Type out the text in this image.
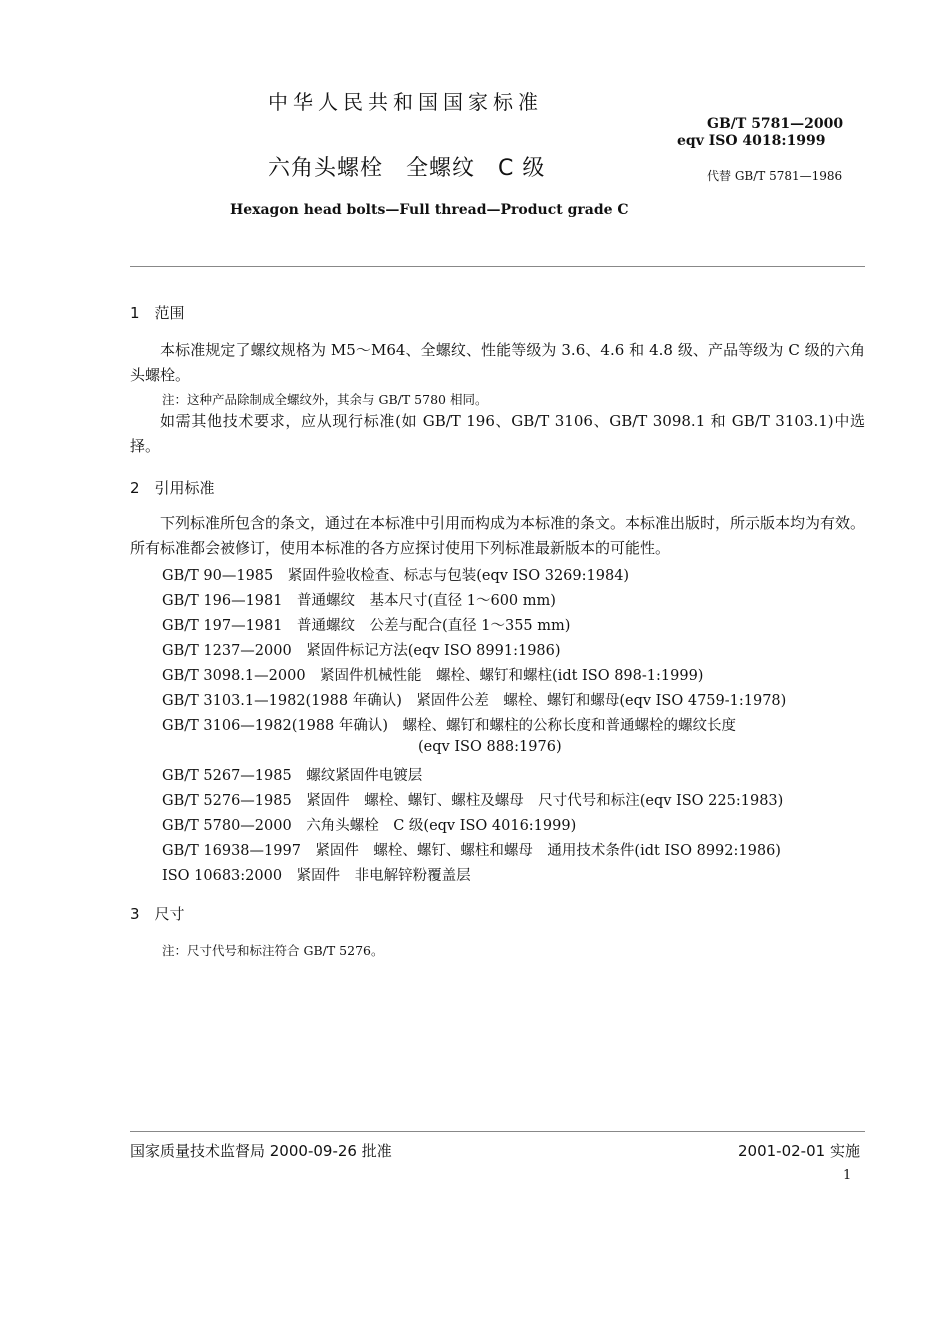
中华人民共和国国家标准
GB/T 5781—2000
eqv ISO 4018:1999
六角头螺栓　全螺纹　C 级	代替 GB/T 5781—1986
Hexagon head bolts—Full thread—Product grade C
1　范围
本标准规定了螺纹规格为 M5～M64、全螺纹、性能等级为 3.6、4.6 和 4.8 级、产品等级为 C 级的六角头螺栓。
注：这种产品除制成全螺纹外，其余与 GB/T 5780 相同。
如需其他技术要求，应从现行标准(如 GB/T 196、GB/T 3106、GB/T 3098.1 和 GB/T 3103.1)中选择。
2　引用标准
下列标准所包含的条文，通过在本标准中引用而构成为本标准的条文。本标准出版时，所示版本均为有效。所有标准都会被修订，使用本标准的各方应探讨使用下列标准最新版本的可能性。
GB/T 90—1985　紧固件验收检查、标志与包装(eqv ISO 3269:1984)
GB/T 196—1981　普通螺纹　基本尺寸(直径 1～600 mm)
GB/T 197—1981　普通螺纹　公差与配合(直径 1～355 mm)
GB/T 1237—2000　紧固件标记方法(eqv ISO 8991:1986)
GB/T 3098.1—2000　紧固件机械性能　螺栓、螺钉和螺柱(idt ISO 898-1:1999)
GB/T 3103.1—1982(1988 年确认)　紧固件公差　螺栓、螺钉和螺母(eqv ISO 4759-1:1978)
GB/T 3106—1982(1988 年确认)　螺栓、螺钉和螺柱的公称长度和普通螺栓的螺纹长度
(eqv ISO 888:1976)
GB/T 5267—1985　螺纹紧固件电镀层
GB/T 5276—1985　紧固件　螺栓、螺钉、螺柱及螺母　尺寸代号和标注(eqv ISO 225:1983)
GB/T 5780—2000　六角头螺栓　C 级(eqv ISO 4016:1999)
GB/T 16938—1997　紧固件　螺栓、螺钉、螺柱和螺母　通用技术条件(idt ISO 8992:1986)
ISO 10683:2000　紧固件　非电解锌粉覆盖层
3　尺寸
注：尺寸代号和标注符合 GB/T 5276。
国家质量技术监督局 2000-09-26 批准	2001-02-01 实施
1
